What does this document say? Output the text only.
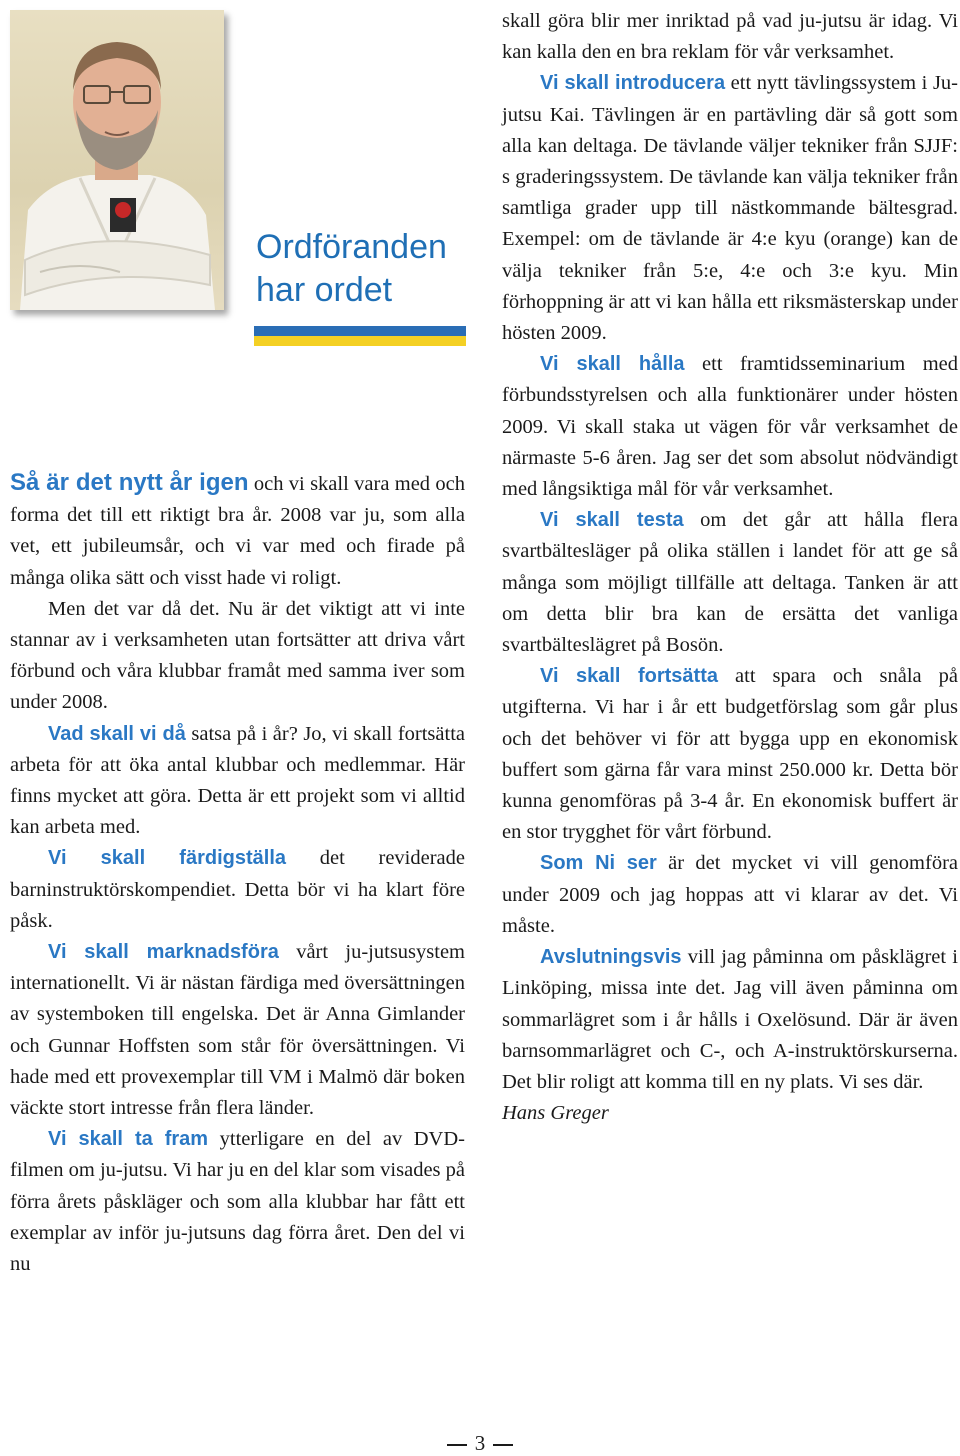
Ordföranden
har ordet

Så är det nytt år igen och vi skall vara med och forma det till ett riktigt bra år. 2008 var ju, som alla vet, ett jubileumsår, och vi var med och firade på många olika sätt och visst hade vi roligt.

Men det var då det. Nu är det viktigt att vi inte stannar av i verksamheten utan fortsätter att driva vårt förbund och våra klubbar framåt med samma iver som under 2008.

Vad skall vi då satsa på i år? Jo, vi skall fortsätta arbeta för att öka antal klubbar och medlemmar. Här finns mycket att göra. Detta är ett projekt som vi alltid kan arbeta med.

Vi skall färdigställa det reviderade barninstruktörskompendiet. Detta bör vi ha klart före påsk.

Vi skall marknadsföra vårt ju-jutsusystem internationellt. Vi är nästan färdiga med översättningen av systemboken till engelska. Det är Anna Gimlander och Gunnar Hoffsten som står för översättningen. Vi hade med ett provexemplar till VM i Malmö där boken väckte stort intresse från flera länder.

Vi skall ta fram ytterligare en del av DVD-filmen om ju-jutsu. Vi har ju en del klar som visades på förra årets påskläger och som alla klubbar har fått ett exemplar av inför ju-jutsuns dag förra året. Den del vi nu

skall göra blir mer inriktad på vad ju-jutsu är idag. Vi kan kalla den en bra reklam för vår verksamhet.

Vi skall introducera ett nytt tävlingssystem i Ju-jutsu Kai. Tävlingen är en partävling där så gott som alla kan deltaga. De tävlande väljer tekniker från SJJF: s graderingssystem. De tävlande kan välja tekniker från samtliga grader upp till nästkommande bältesgrad. Exempel: om de tävlande är 4:e kyu (orange) kan de välja tekniker från 5:e, 4:e och 3:e kyu. Min förhoppning är att vi kan hålla ett riksmästerskap under hösten 2009.

Vi skall hålla ett framtidsseminarium med förbundsstyrelsen och alla funktionärer under hösten 2009. Vi skall staka ut vägen för vår verksamhet de närmaste 5-6 åren. Jag ser det som absolut nödvändigt med långsiktiga mål för vår verksamhet.

Vi skall testa om det går att hålla flera svartbältesläger på olika ställen i landet för att ge så många som möjligt tillfälle att deltaga. Tanken är att om detta blir bra kan de ersätta det vanliga svartbälteslägret på Bosön.

Vi skall fortsätta att spara och snåla på utgifterna. Vi har i år ett budgetförslag som går plus och det behöver vi för att bygga upp en ekonomisk buffert som gärna får vara minst 250.000 kr. Detta bör kunna genomföras på 3-4 år. En ekonomisk buffert är en stor trygghet för vårt förbund.

Som Ni ser är det mycket vi vill genomföra under 2009 och jag hoppas att vi klarar av det. Vi måste.

Avslutningsvis vill jag påminna om påsklägret i Linköping, missa inte det. Jag vill även påminna om sommarlägret som i år hålls i Oxelösund. Där är även barnsommarlägret och C-, och A-instruktörskurserna. Det blir roligt att komma till en ny plats. Vi ses där.

Hans Greger

3
